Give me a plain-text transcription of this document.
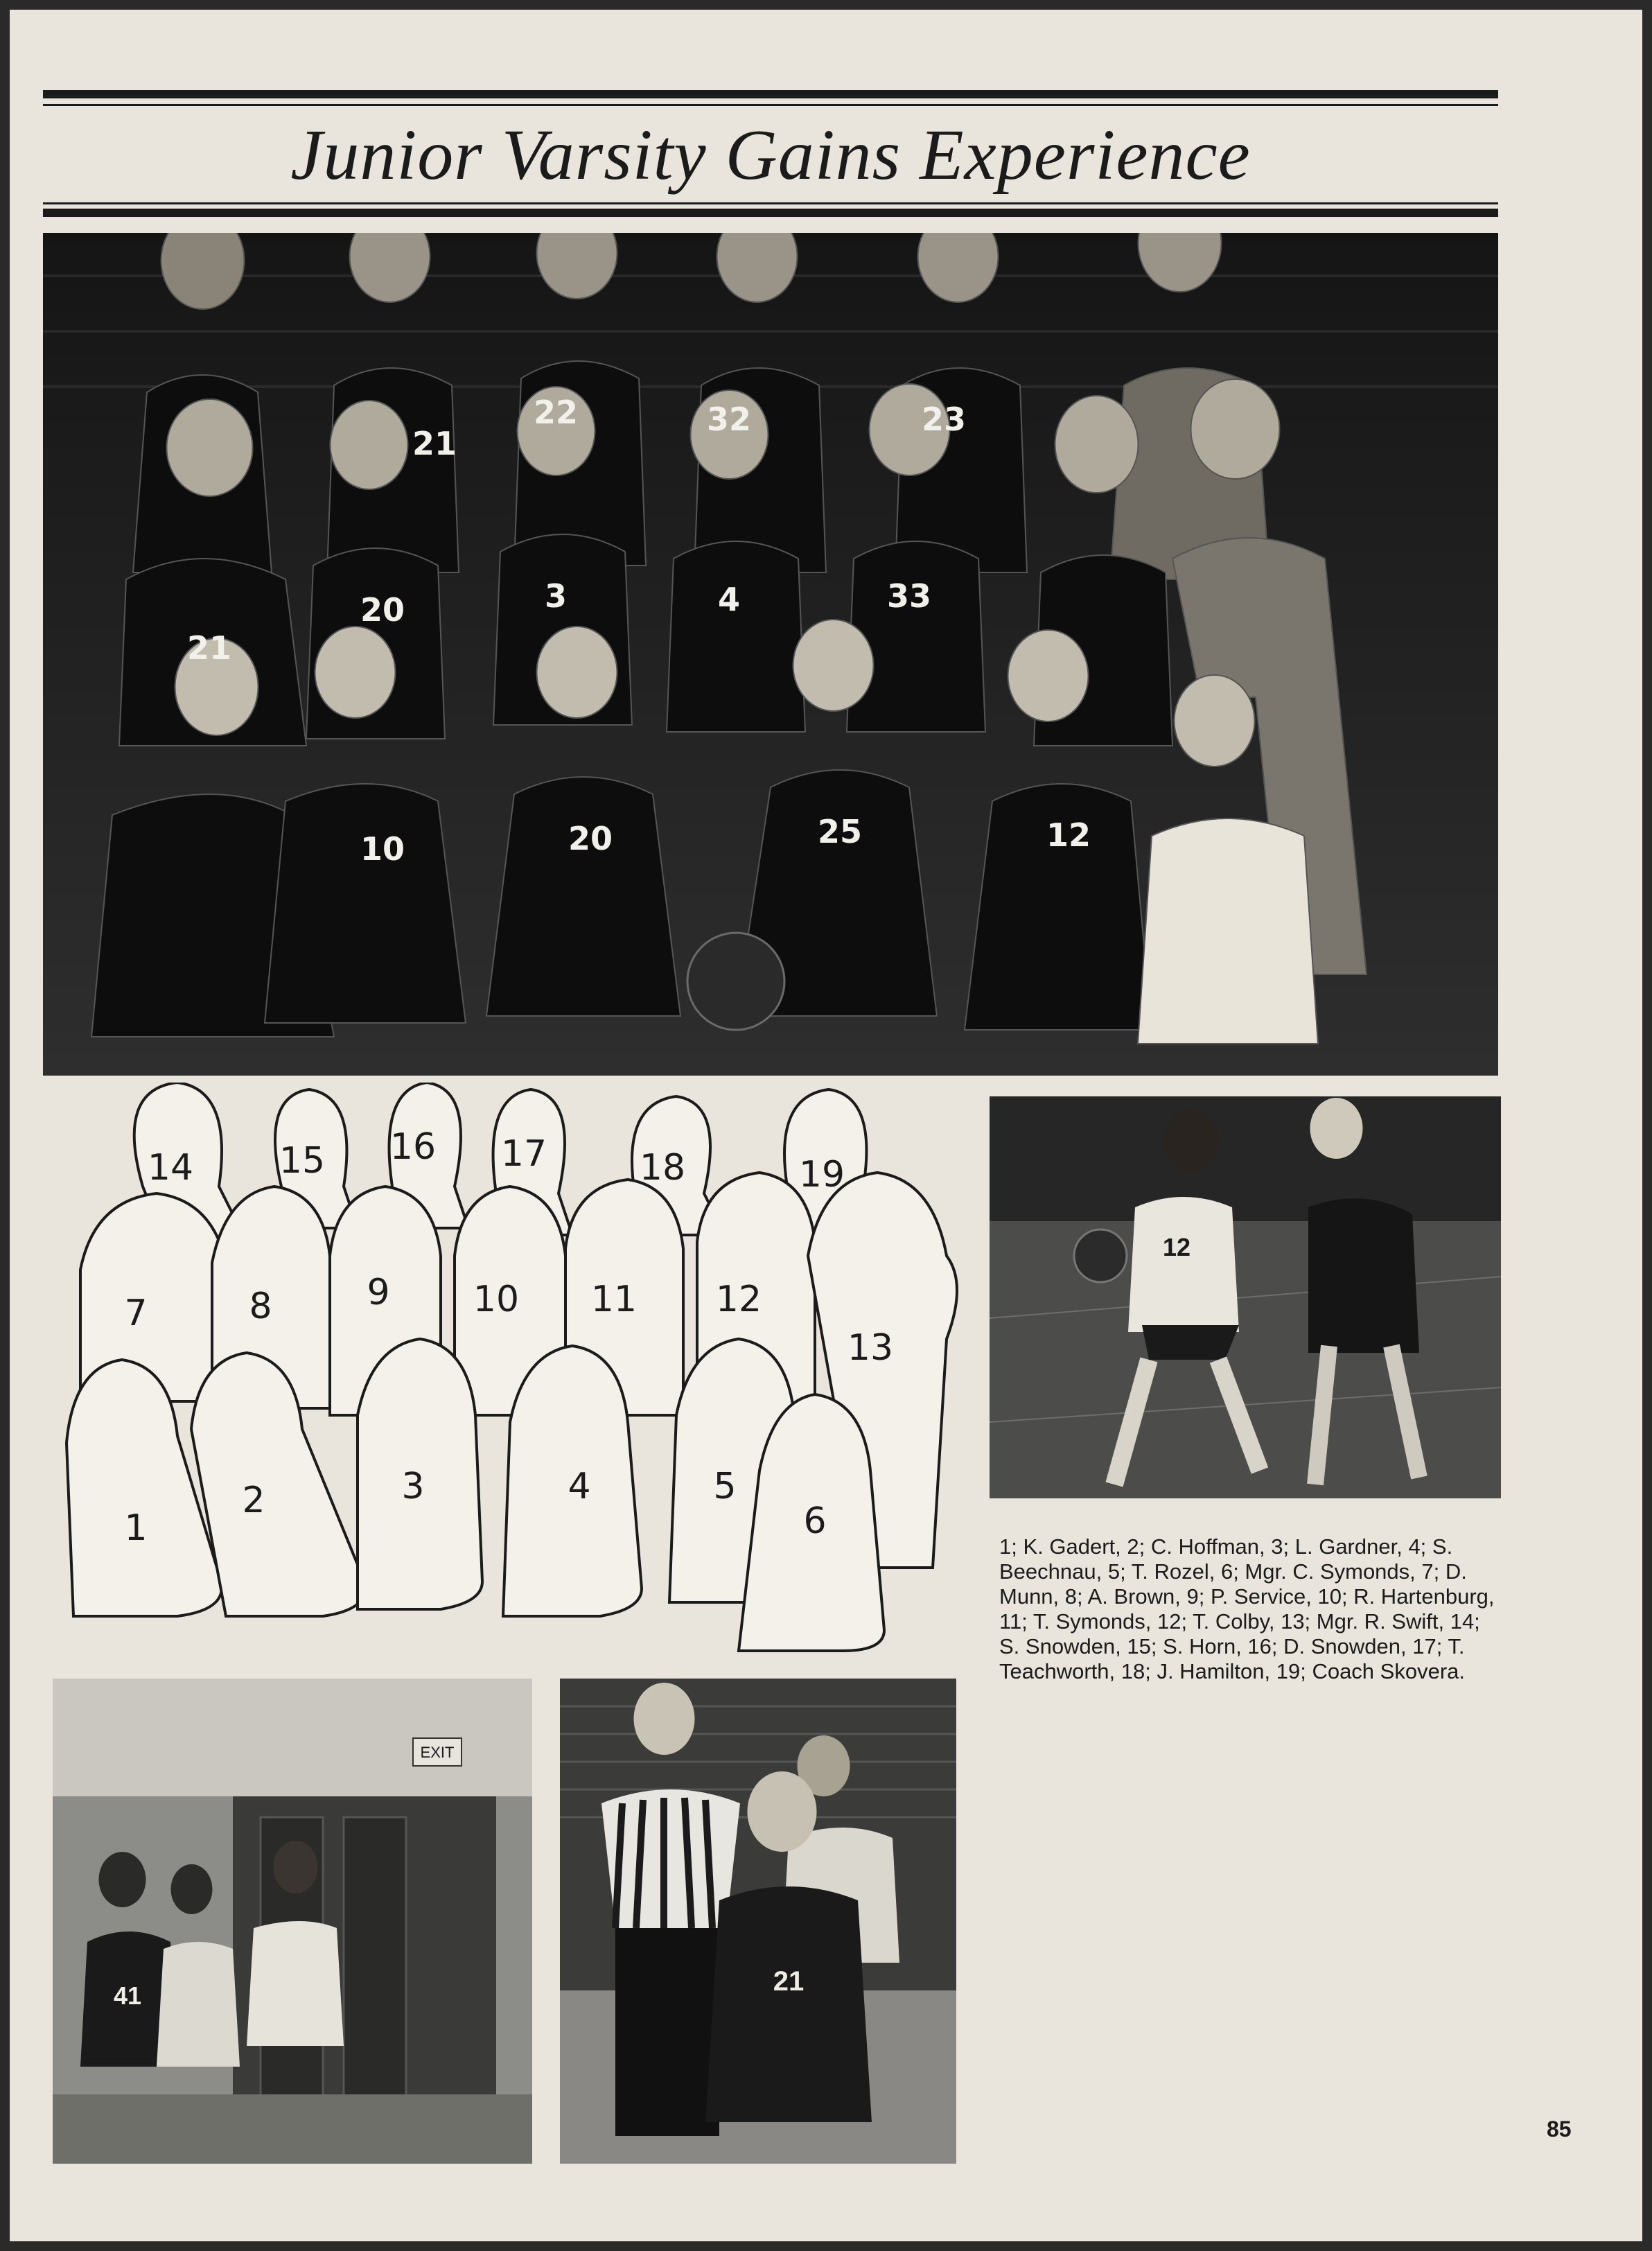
Junior Varsity Gains Experience
21
22	32	23
20	3	4	33
21
10	20	25	12
1
2	3	4	5
6
7	8	9 10 11 12
13
14 15 16 17	18	19
12
1; K. Gadert, 2; C. Hoffman, 3; L. Gardner, 4; S. Beechnau, 5; T. Rozel, 6; Mgr. C. Symonds, 7; D. Munn, 8; A. Brown, 9; P. Service, 10; R. Hartenburg, 11; T. Symonds, 12; T. Colby, 13; Mgr. R. Swift, 14; S. Snowden, 15; S. Horn, 16; D. Snowden, 17; T. Teachworth, 18; J. Hamilton, 19; Coach Skovera.
EXIT
41	21
85
